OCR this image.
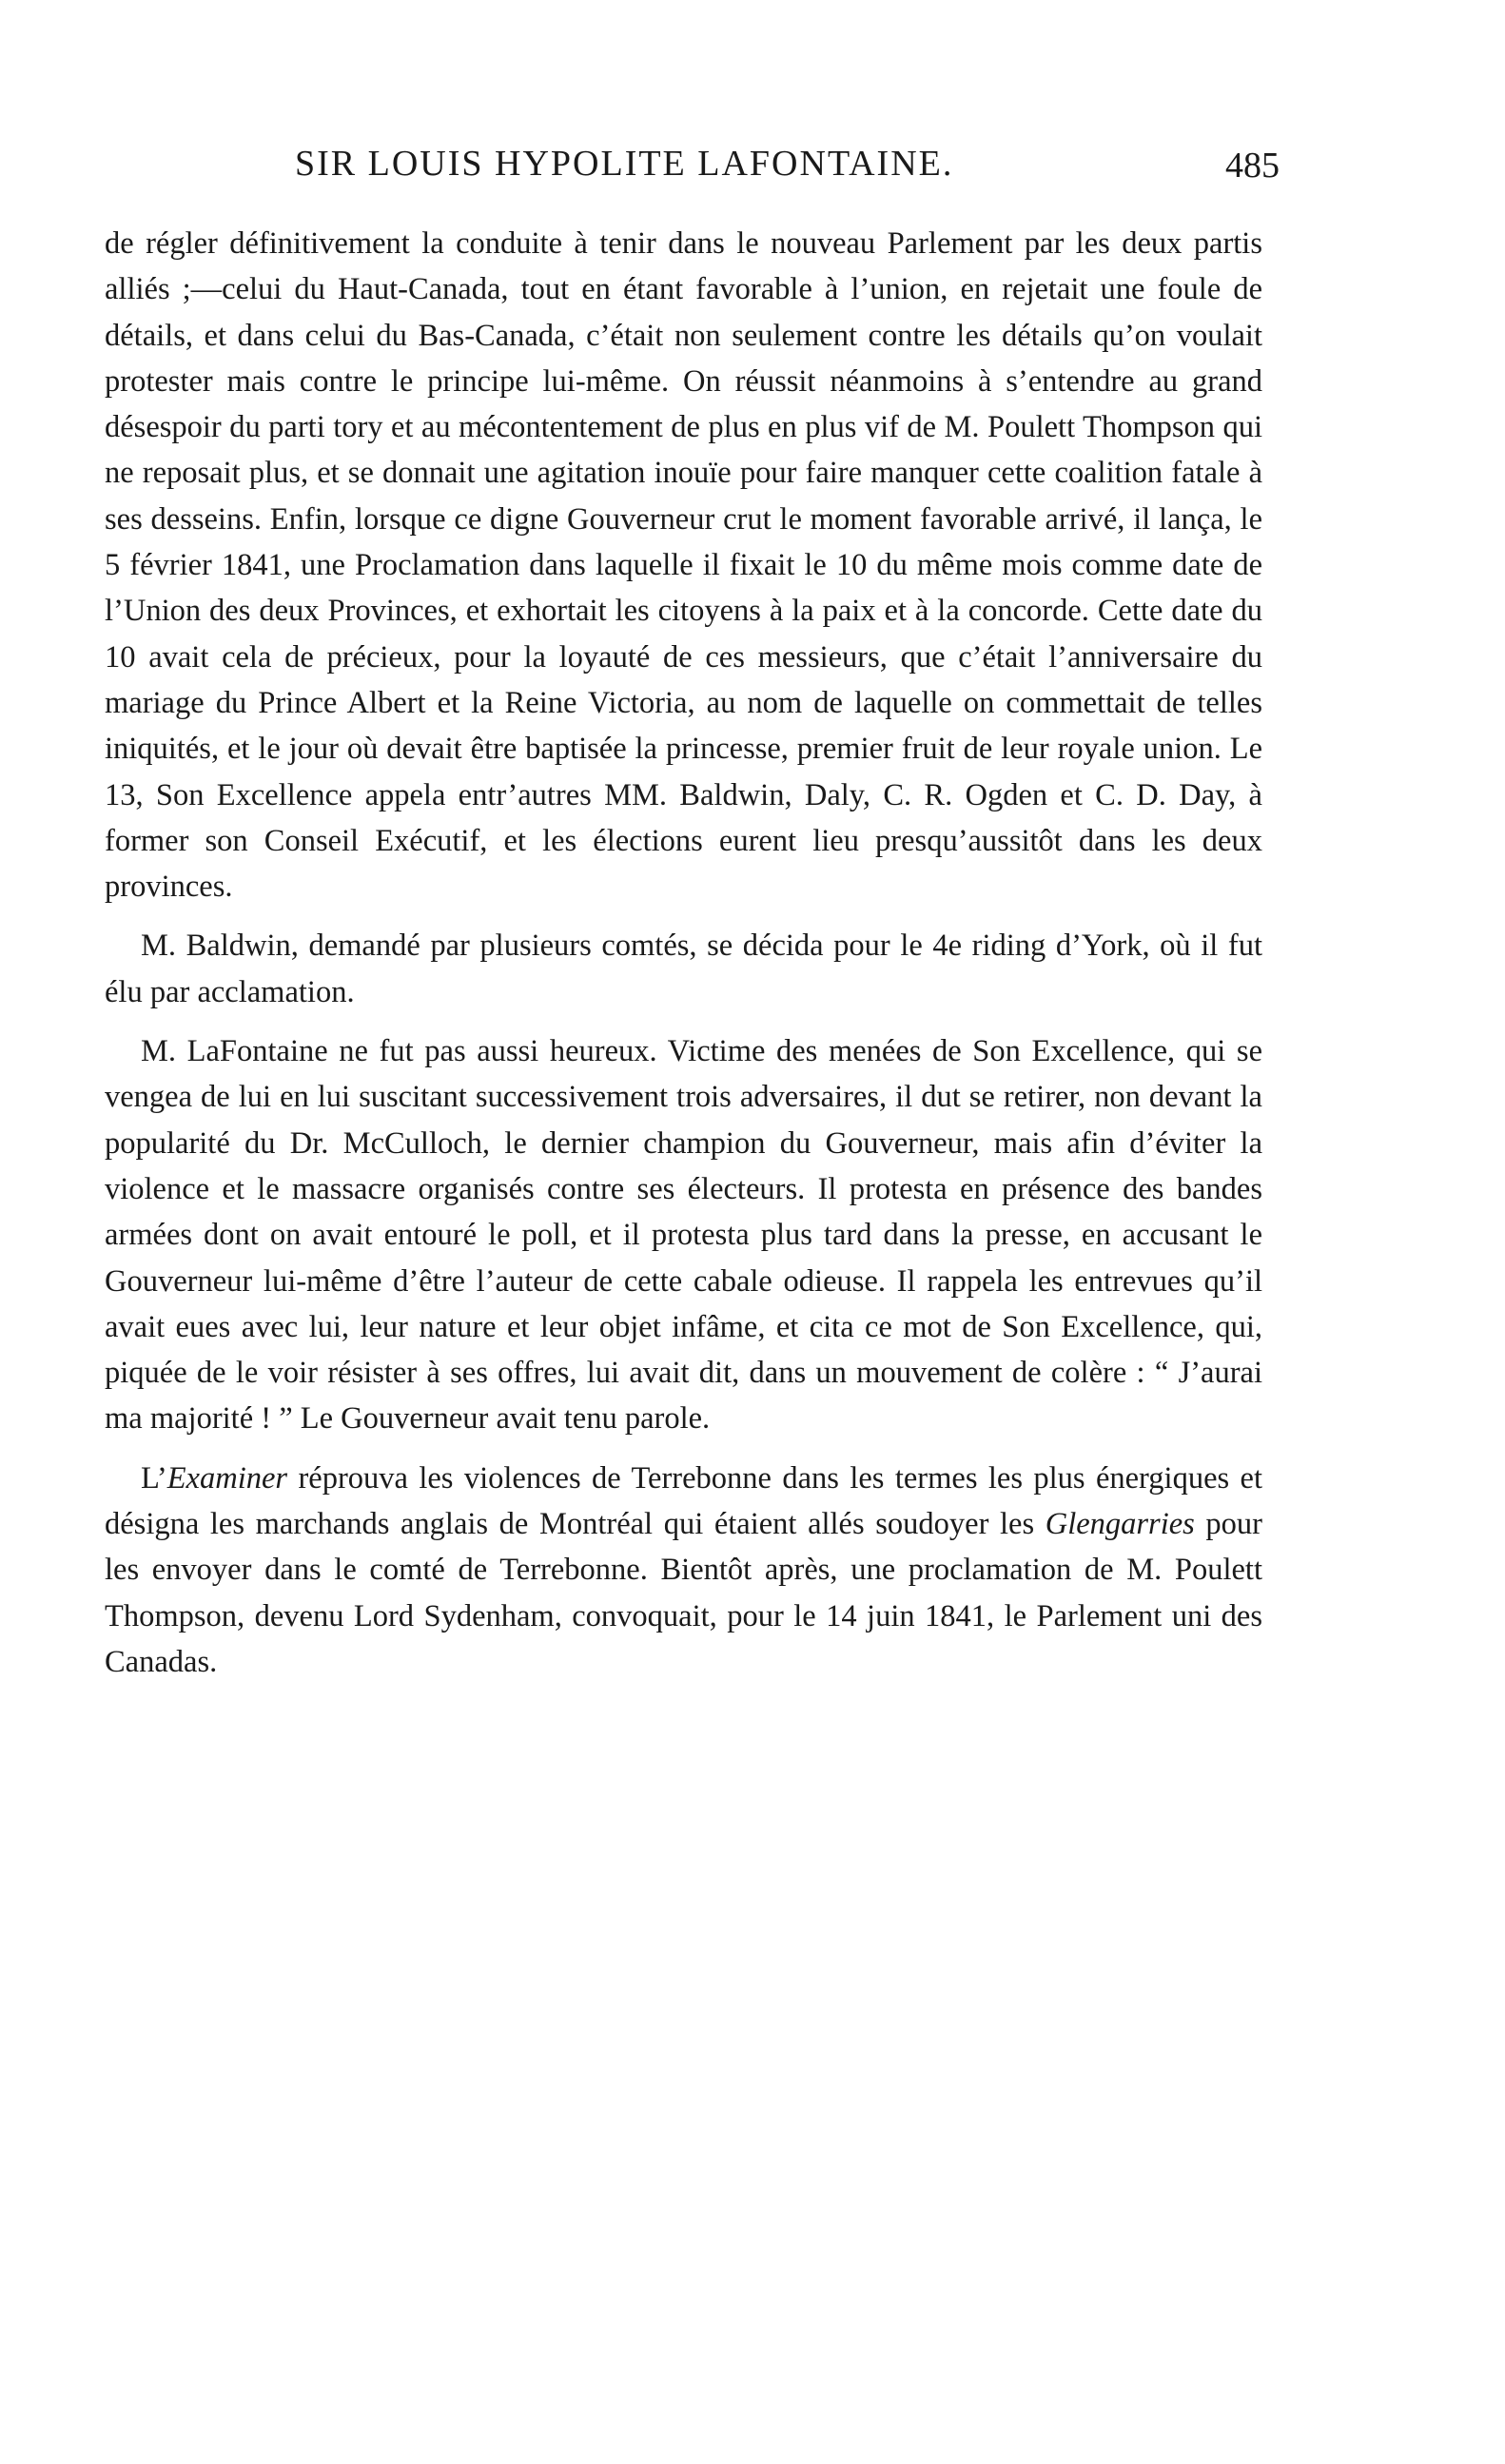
SIR LOUIS HYPOLITE LAFONTAINE.	485

de régler définitivement la conduite à tenir dans le nouveau Parlement par les deux partis alliés ;—celui du Haut-Canada, tout en étant favorable à l’union, en rejetait une foule de détails, et dans celui du Bas-Canada, c’était non seulement contre les détails qu’on voulait protester mais contre le principe lui-même. On réussit néanmoins à s’entendre au grand désespoir du parti tory et au mécontentement de plus en plus vif de M. Poulett Thompson qui ne reposait plus, et se donnait une agitation inouïe pour faire manquer cette coalition fatale à ses desseins. Enfin, lorsque ce digne Gouverneur crut le moment favorable arrivé, il lança, le 5 février 1841, une Proclamation dans laquelle il fixait le 10 du même mois comme date de l’Union des deux Provinces, et exhortait les citoyens à la paix et à la concorde. Cette date du 10 avait cela de précieux, pour la loyauté de ces messieurs, que c’était l’anniversaire du mariage du Prince Albert et la Reine Victoria, au nom de laquelle on commettait de telles iniquités, et le jour où devait être baptisée la princesse, premier fruit de leur royale union. Le 13, Son Excellence appela entr’autres MM. Baldwin, Daly, C. R. Ogden et C. D. Day, à former son Conseil Exécutif, et les élections eurent lieu presqu’aussitôt dans les deux provinces.

M. Baldwin, demandé par plusieurs comtés, se décida pour le 4e riding d’York, où il fut élu par acclamation.

M. LaFontaine ne fut pas aussi heureux. Victime des menées de Son Excellence, qui se vengea de lui en lui suscitant successivement trois adversaires, il dut se retirer, non devant la popularité du Dr. McCulloch, le dernier champion du Gouverneur, mais afin d’éviter la violence et le massacre organisés contre ses électeurs. Il protesta en présence des bandes armées dont on avait entouré le poll, et il protesta plus tard dans la presse, en accusant le Gouverneur lui-même d’être l’auteur de cette cabale odieuse. Il rappela les entrevues qu’il avait eues avec lui, leur nature et leur objet infâme, et cita ce mot de Son Excellence, qui, piquée de le voir résister à ses offres, lui avait dit, dans un mouvement de colère : “ J’aurai ma majorité ! ” Le Gouverneur avait tenu parole.

L’Examiner réprouva les violences de Terrebonne dans les termes les plus énergiques et désigna les marchands anglais de Montréal qui étaient allés soudoyer les Glengarries pour les envoyer dans le comté de Terrebonne. Bientôt après, une proclamation de M. Poulett Thompson, devenu Lord Sydenham, convoquait, pour le 14 juin 1841, le Parlement uni des Canadas.
